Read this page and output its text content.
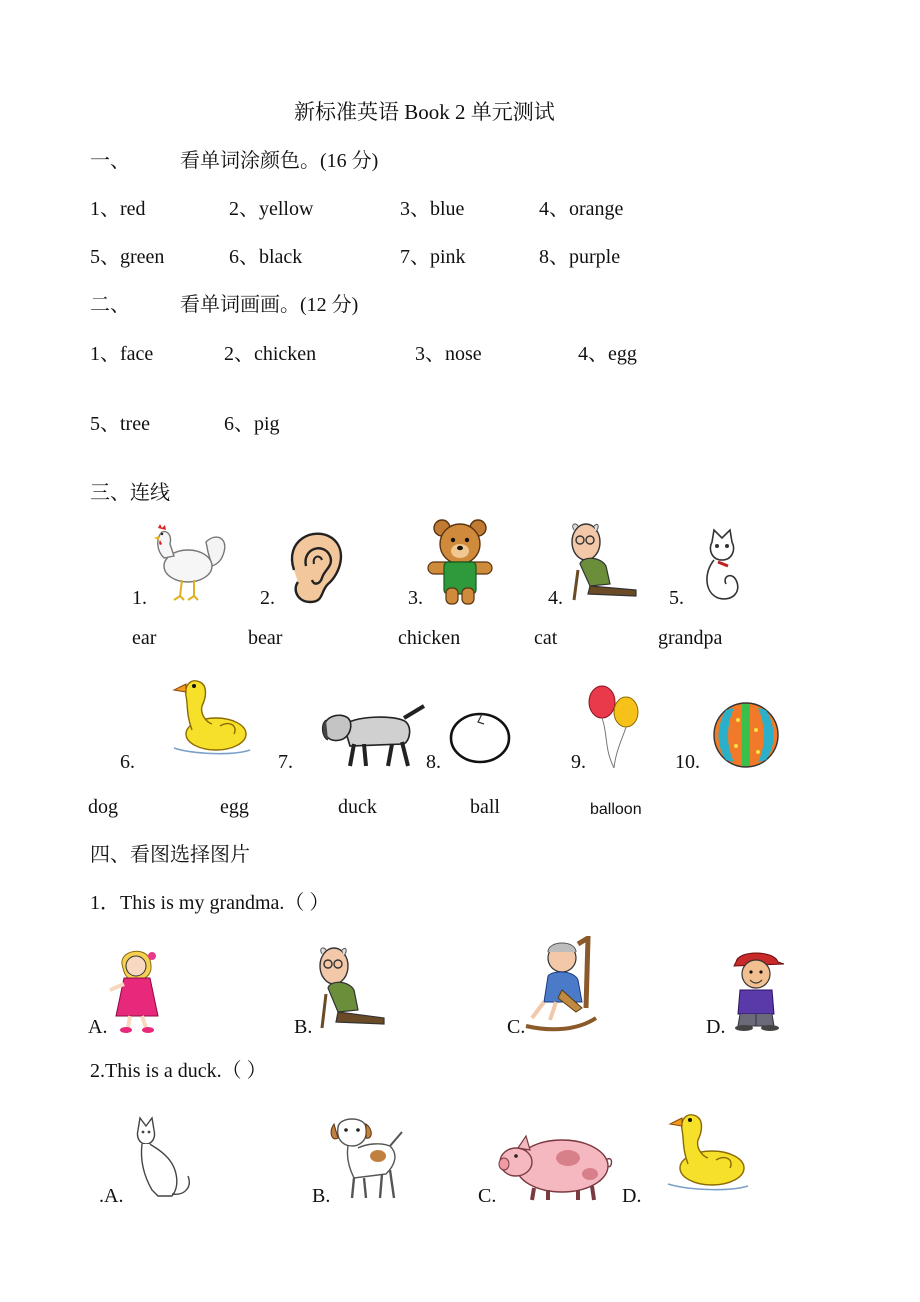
新标准英语 Book 2 单元测试
一、	看单词涂颜色。(16 分)
1、red	2、yellow	3、blue	4、orange
5、green	6、black	7、pink	8、purple
二、	看单词画画。(12 分)
1、face	2、chicken	3、nose	4、egg
5、tree	6、pig
三、连线
1.	2.	3.	4.	5.
ear	bear	chicken	cat	grandpa
6.	7.	8.	9.	10.
dog	egg	duck	ball	balloon
四、看图选择图片
1．This is my grandma.（ ）
A.	B.	C.	D.
2.This is a duck.（ ）
.A.	B.	C.	D.
